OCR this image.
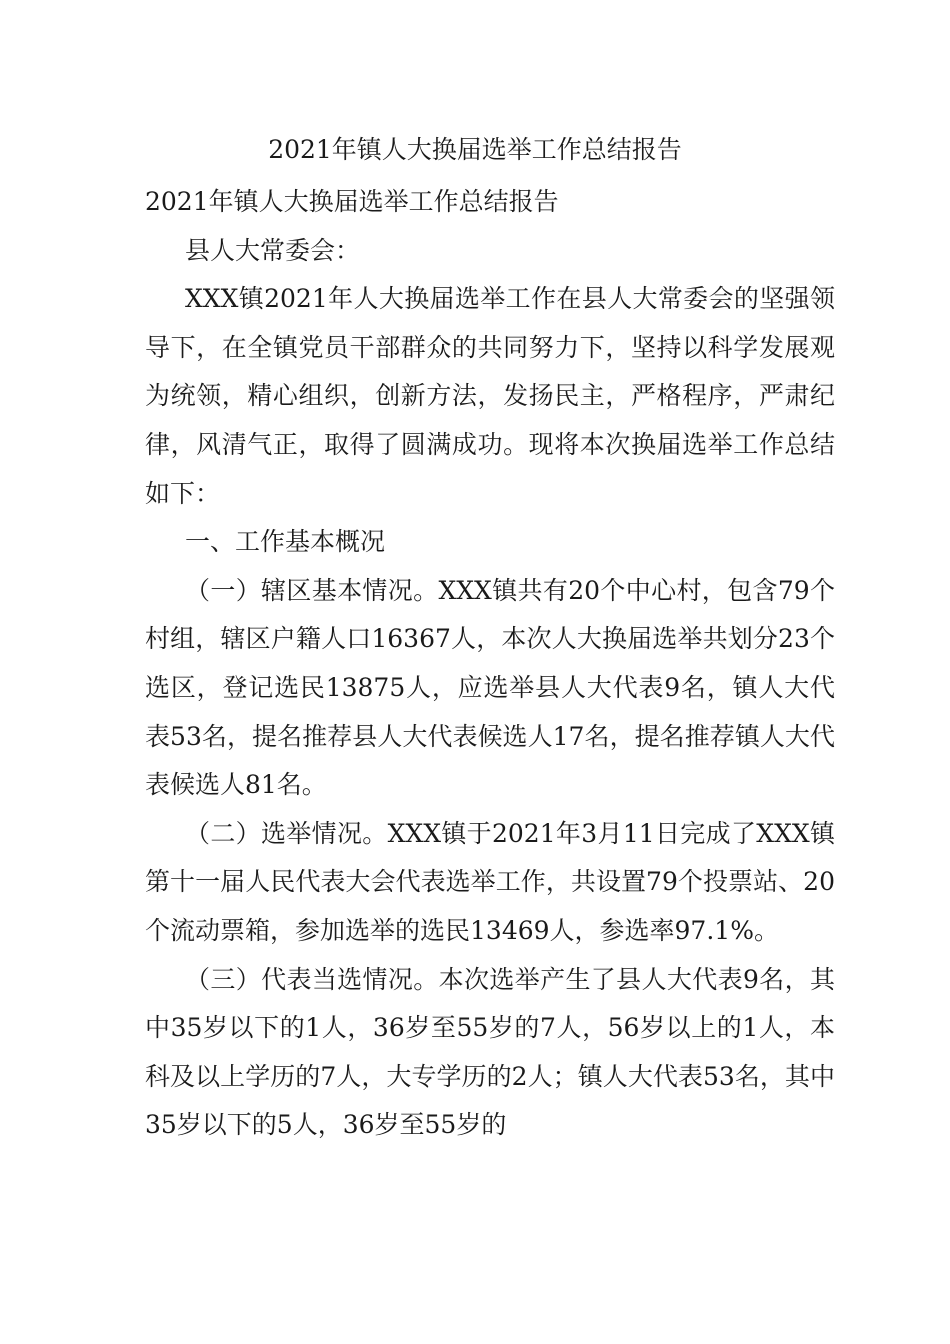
2021年镇人大换届选举工作总结报告

2021年镇人大换届选举工作总结报告

县人大常委会：

XXX镇2021年人大换届选举工作在县人大常委会的坚强领导下，在全镇党员干部群众的共同努力下，坚持以科学发展观为统领，精心组织，创新方法，发扬民主，严格程序，严肃纪律，风清气正，取得了圆满成功。现将本次换届选举工作总结如下：

一、工作基本概况

（一）辖区基本情况。XXX镇共有20个中心村，包含79个村组，辖区户籍人口16367人，本次人大换届选举共划分23个选区，登记选民13875人，应选举县人大代表9名，镇人大代表53名，提名推荐县人大代表候选人17名，提名推荐镇人大代表候选人81名。

（二）选举情况。XXX镇于2021年3月11日完成了XXX镇第十一届人民代表大会代表选举工作，共设置79个投票站、20个流动票箱，参加选举的选民13469人，参选率97.1%。

（三）代表当选情况。本次选举产生了县人大代表9名，其中35岁以下的1人，36岁至55岁的7人，56岁以上的1人，本科及以上学历的7人，大专学历的2人；镇人大代表53名，其中35岁以下的5人，36岁至55岁的
